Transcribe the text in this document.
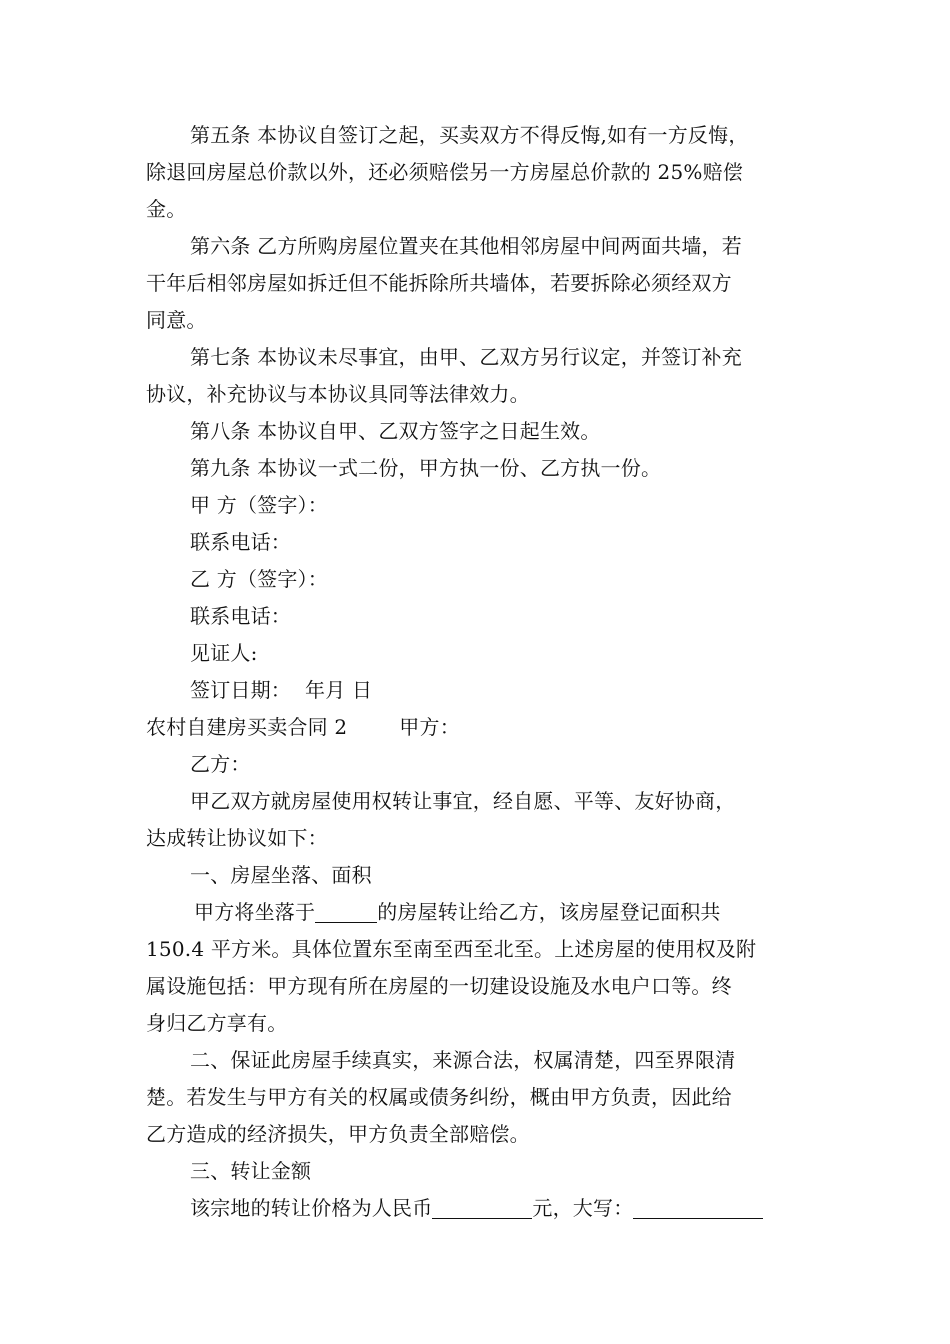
第五条 本协议自签订之起，买卖双方不得反悔,如有一方反悔，
除退回房屋总价款以外，还必须赔偿另一方房屋总价款的 25%赔偿
金。
第六条 乙方所购房屋位置夹在其他相邻房屋中间两面共墙，若
干年后相邻房屋如拆迁但不能拆除所共墙体，若要拆除必须经双方
同意。
第七条 本协议未尽事宜，由甲、乙双方另行议定，并签订补充
协议，补充协议与本协议具同等法律效力。
第八条 本协议自甲、乙双方签字之日起生效。
第九条 本协议一式二份，甲方执一份、乙方执一份。
甲 方（签字）：
联系电话：
乙 方（签字）：
联系电话：
见证人:
签订日期： 年月 日
农村自建房买卖合同 2	甲方：
乙方：
甲乙双方就房屋使用权转让事宜，经自愿、平等、友好协商，
达成转让协议如下：
一、房屋坐落、面积
甲方将坐落于	的房屋转让给乙方，该房屋登记面积共
150.4 平方米。具体位置东至南至西至北至。上述房屋的使用权及附
属设施包括：甲方现有所在房屋的一切建设设施及水电户口等。终
身归乙方享有。
二、保证此房屋手续真实，来源合法，权属清楚，四至界限清
楚。若发生与甲方有关的权属或债务纠纷，概由甲方负责，因此给
乙方造成的经济损失，甲方负责全部赔偿。
三、转让金额
该宗地的转让价格为人民币	元，大写：
